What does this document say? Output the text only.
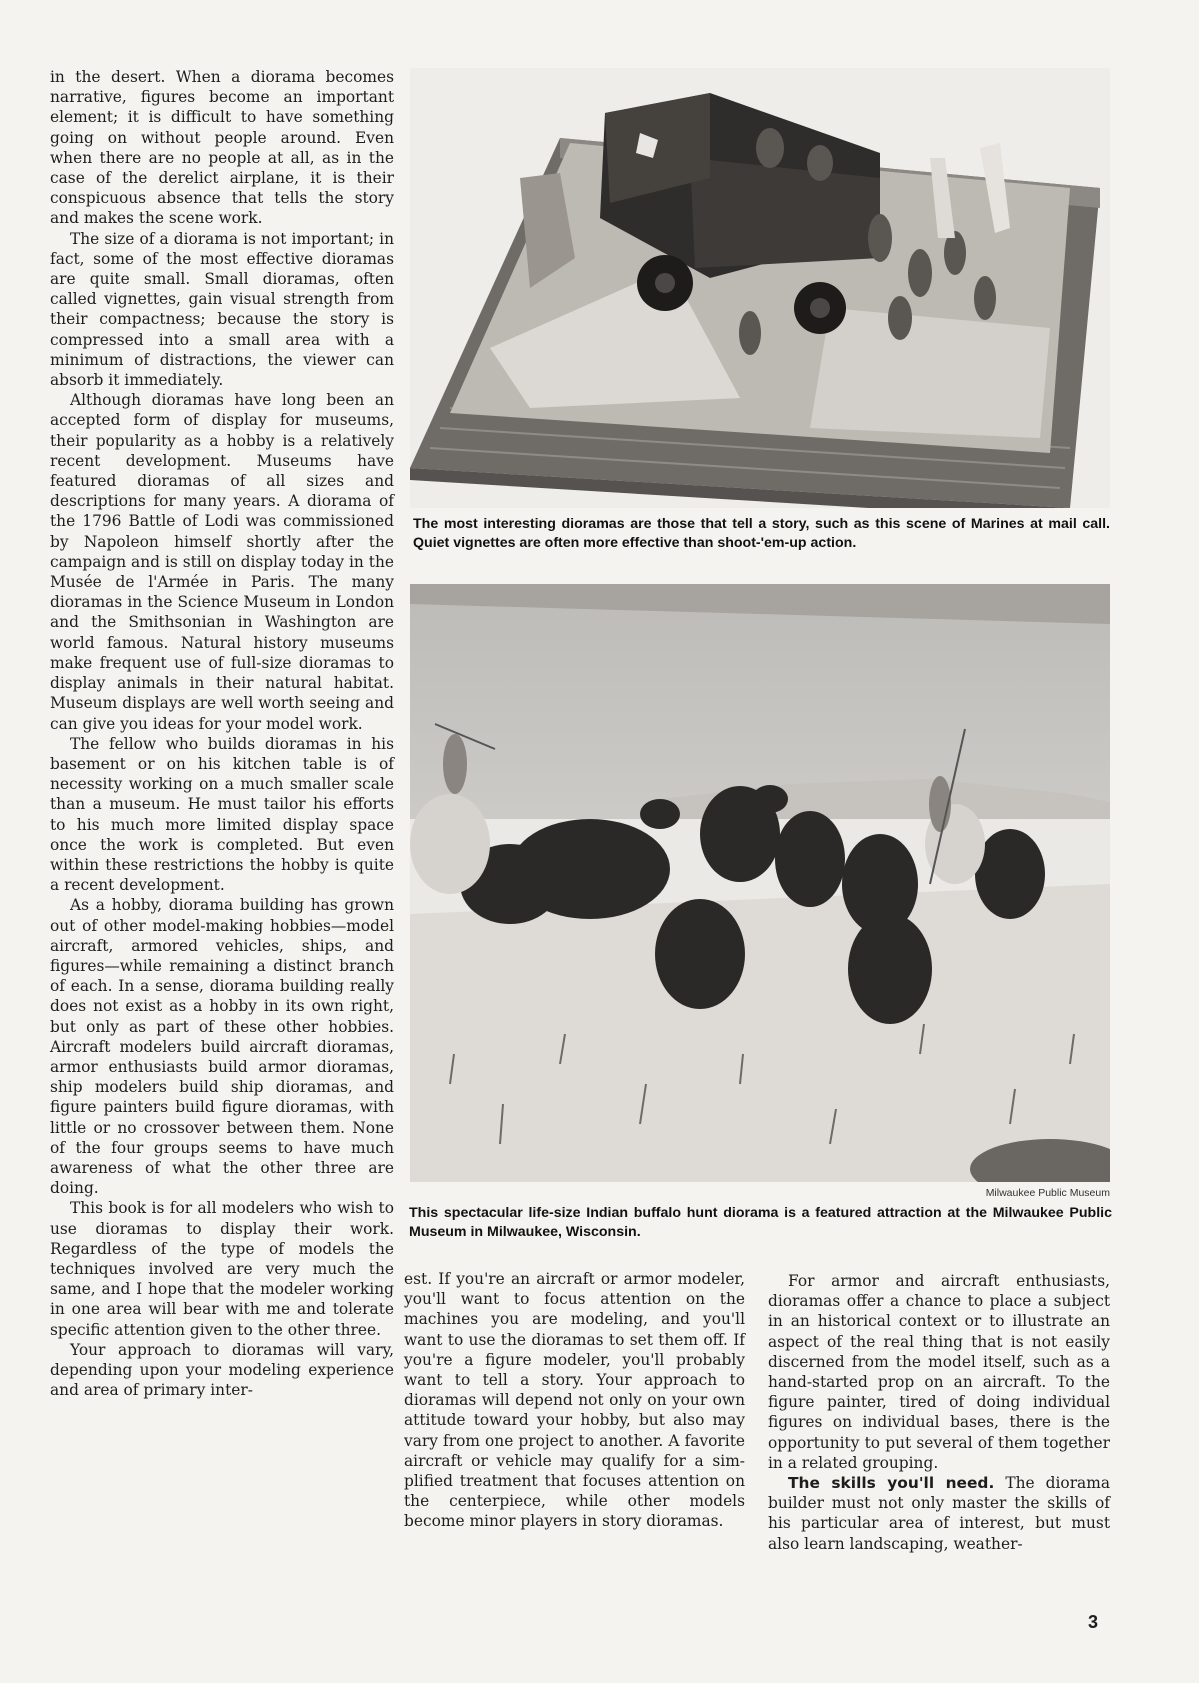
in the desert. When a diorama becomes narrative, figures become an important element; it is difficult to have something going on without people around. Even when there are no people at all, as in the case of the derelict airplane, it is their conspicuous absence that tells the story and makes the scene work.

The size of a diorama is not important; in fact, some of the most effective dioramas are quite small. Small dioramas, often called vignettes, gain visual strength from their compactness; because the story is compressed into a small area with a minimum of distractions, the viewer can absorb it immediately.

Although dioramas have long been an accepted form of display for museums, their popularity as a hobby is a relatively recent development. Museums have featured dioramas of all sizes and descriptions for many years. A diorama of the 1796 Battle of Lodi was commissioned by Napoleon himself shortly after the campaign and is still on display today in the Musée de l'Armée in Paris. The many dioramas in the Science Museum in London and the Smithsonian in Washington are world famous. Natural history museums make frequent use of full-size dioramas to display animals in their natural habitat. Museum displays are well worth seeing and can give you ideas for your model work.

The fellow who builds dioramas in his basement or on his kitchen table is of necessity working on a much smaller scale than a museum. He must tailor his efforts to his much more limited display space once the work is completed. But even within these restrictions the hobby is quite a recent development.

As a hobby, diorama building has grown out of other model-making hobbies—model aircraft, armored vehicles, ships, and figures—while remaining a distinct branch of each. In a sense, diorama building really does not exist as a hobby in its own right, but only as part of these other hobbies. Aircraft modelers build aircraft dioramas, armor enthusiasts build armor dioramas, ship modelers build ship dioramas, and figure painters build figure dioramas, with little or no crossover between them. None of the four groups seems to have much awareness of what the other three are doing.

This book is for all modelers who wish to use dioramas to display their work. Regardless of the type of models the techniques involved are very much the same, and I hope that the modeler working in one area will bear with me and tolerate specific attention given to the other three.

Your approach to dioramas will vary, depending upon your modeling experience and area of primary inter-

The most interesting dioramas are those that tell a story, such as this scene of Marines at mail call. Quiet vignettes are often more effective than shoot-'em-up action.
Milwaukee Public Museum
This spectacular life-size Indian buffalo hunt diorama is a featured attraction at the Milwaukee Public Museum in Milwaukee, Wisconsin.

est. If you're an aircraft or armor modeler, you'll want to focus attention on the machines you are modeling, and you'll want to use the dioramas to set them off. If you're a figure modeler, you'll probably want to tell a story. Your approach to dioramas will depend not only on your own attitude toward your hobby, but also may vary from one project to another. A favorite aircraft or vehicle may qualify for a simplified treatment that focuses attention on the centerpiece, while other models become minor players in story dioramas.

For armor and aircraft enthusiasts, dioramas offer a chance to place a subject in an historical context or to illustrate an aspect of the real thing that is not easily discerned from the model itself, such as a hand-started prop on an aircraft. To the figure painter, tired of doing individual figures on individual bases, there is the opportunity to put several of them together in a related grouping.

The skills you'll need. The diorama builder must not only master the skills of his particular area of interest, but must also learn landscaping, weather-

3
